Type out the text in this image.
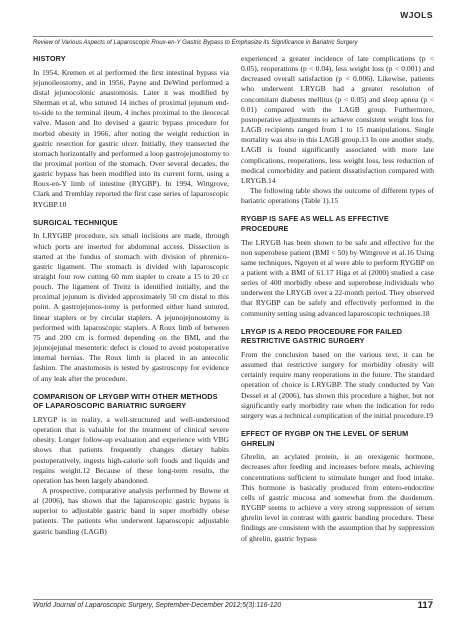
WJOLS
Review of Various Aspects of Laparoscopic Roux-en-Y Gastric Bypass to Emphasize its Significance in Bariatric Surgery
HISTORY

In 1954, Kremen et al performed the first intestinal bypass via jejunoileostomy, and in 1956, Payne and DeWind performed a distal jejunocolonic anastomosis. Later it was modified by Sherman et al, who sutured 14 inches of proximal jejunum end-to-side to the terminal ileum, 4 inches proximal to the ileocecal valve. Mason and Ito devised a gastric bypass procedure for morbid obesity in 1966, after noting the weight reduction in gastric resection for gastric ulcer. Initially, they transected the stomach horizontally and performed a loop gastrojejunostomy to the proximal portion of the stomach. Over several decades, the gastric bypass has been modified into its current form, using a Roux-en-Y limb of intestine (RYGBP). In 1994, Wittgrove, Clark and Tremblay reported the first case series of laparoscopic RYGBP.10

SURGICAL TECHNIQUE

In LRYGBP procedure, six small incisions are made, through which ports are inserted for abdominal access. Dissection is started at the fundus of stomach with division of phrenico-gastric ligament. The stomach is divided with laparoscopic straight four row cutting 60 mm stapler to create a 15 to 20 cc pouch. The ligament of Treitz is identified initially, and the proximal jejunum is divided approximately 50 cm distal to this point. A gastrojejunos-tomy is performed either hand sutured, linear staplers or by circular staplers. A jejunojejunostomy is performed with laparoscopic staplers. A Roux limb of between 75 and 200 cm is formed depending on the BMI, and the jejunojejunal mesenteric defect is closed to avoid postoperative internal hernias. The Roux limb is placed in an antecolic fashion. The anastomosis is tested by gastroscopy for evidence of any leak after the procedure.

COMPARISON OF LRYGBP WITH OTHER METHODS OF LAPAROSCOPIC BARIATRIC SURGERY

LRYGP is in reality, a well-structured and well-understood operation that is valuable for the treatment of clinical severe obesity. Longer follow-up evaluation and experience with VBG shows that patients frequently changes dietary habits postoperatively, ingests high-calorie soft foods and liquids and regains weight.12 Because of these long-term results, the operation has been largely abandoned.

A prospective, comparative analysis performed by Bowne et al (2006), has shown that the laparoscopic gastric bypass is superior to adjustable gastric band in super morbidly obese patients. The patients who underwent laparoscopic adjustable gastric banding (LAGB)

experienced a greater incidence of late complications (p < 0.05), reoperations (p < 0.04), less weight loss (p < 0.001) and decreased overall satisfaction (p < 0.006). Likewise, patients who underwent LRYGB had a greater resolution of concomitant diabetes mellitus (p < 0.05) and sleep apnea (p < 0.01) compared with the LAGB group. Furthermore, postoperative adjustments to achieve consistent weight loss for LAGB recipients ranged from 1 to 15 manipulations. Single mortality was also in this LAGB group.13 In one another study, LAGB is found significantly associated with more late complications, reoperations, less weight loss, less reduction of medical comorbidity and patient dissatisfaction compared with LRYGB.14

The following table shows the outcome of different types of bariatric operations (Table 1).15

RYGBP IS SAFE AS WELL AS EFFECTIVE PROCEDURE

The LRYGB has been shown to be safe and effective for the non superobese patient (BMI < 50) by Wittgrove et al.16 Using same techniques, Nguyen et al were able to perform RYGBP on a patient with a BMI of 61.17 Higa et al (2000) studied a case series of 400 morbidly obese and superobese individuals who underwent the LRYGB over a 22-month period. They observed that RYGBP can be safely and effectively performed in the community setting using advanced laparoscopic techniques.18

LRYGP IS A REDO PROCEDURE FOR FAILED RESTRICTIVE GASTRIC SURGERY

From the conclusion based on the various text, it can be assumed that restrictive surgery for morbidity obesity will certainly require many reoperations in the future. The standard operation of choice is LRYGBP. The study conducted by Van Dessel et al (2006), has shown this procedure a higher, but not significantly early morbidity rate when the indication for redo surgery was a technical complication of the initial procedure.19

EFFECT OF RYGBP ON THE LEVEL OF SERUM GHRELIN

Ghrelin, an acylated protein, is an orexigenic hormone, decreases after feeding and increases before meals, achieving concentrations sufficient to stimulate hunger and food intake. This hormone is basically produced from entero-endocrine cells of gastric mucosa and somewhat from the duodenum. RYGBP seems to achieve a very strong suppression of serum ghrelin level in contrast with gastric banding procedure. These findings are consistent with the assumption that by suppression of ghrelin, gastric bypass

World Journal of Laparoscopic Surgery, September-December 2012;5(3):116-120	117
